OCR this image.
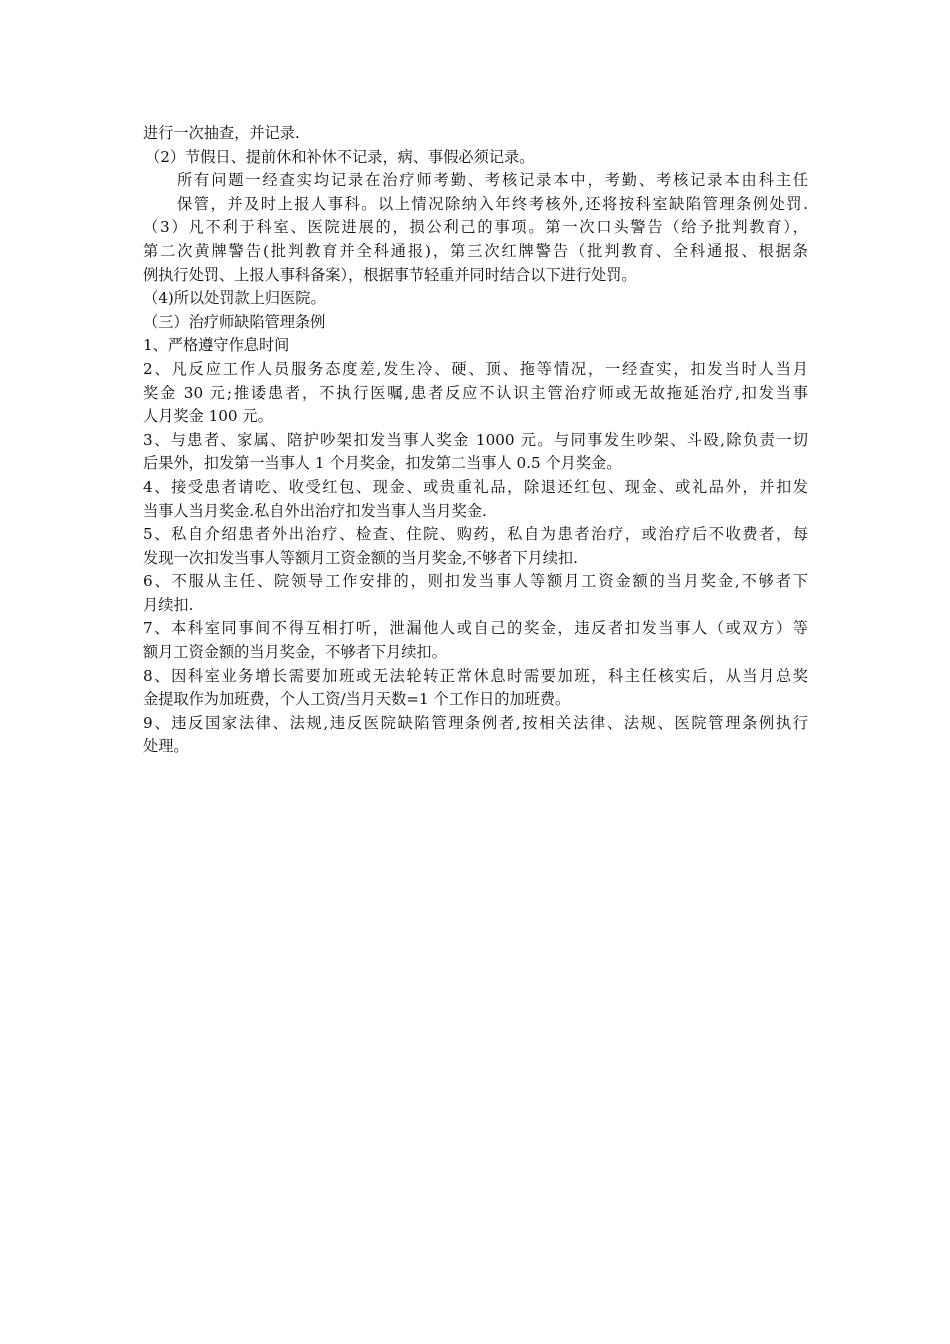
进行一次抽查，并记录.
（2）节假日、提前休和补休不记录，病、事假必须记录。
所有问题一经查实均记录在治疗师考勤、考核记录本中，考勤、考核记录本由科主任
保管，并及时上报人事科。以上情况除纳入年终考核外,还将按科室缺陷管理条例处罚.
（3）凡不利于科室、医院进展的，损公利己的事项。第一次口头警告（给予批判教育），
第二次黄牌警告(批判教育并全科通报)，第三次红牌警告（批判教育、全科通报、根据条
例执行处罚、上报人事科备案），根据事节轻重并同时结合以下进行处罚。
（4)所以处罚款上归医院。
（三）治疗师缺陷管理条例
1、严格遵守作息时间
2、凡反应工作人员服务态度差,发生冷、硬、顶、拖等情况，一经查实，扣发当时人当月
奖金 30 元;推诿患者，不执行医嘱,患者反应不认识主管治疗师或无故拖延治疗,扣发当事
人月奖金 100 元。
3、与患者、家属、陪护吵架扣发当事人奖金 1000 元。与同事发生吵架、斗殴,除负责一切
后果外，扣发第一当事人 1 个月奖金，扣发第二当事人 0.5 个月奖金。
4、接受患者请吃、收受红包、现金、或贵重礼品，除退还红包、现金、或礼品外，并扣发
当事人当月奖金.私自外出治疗扣发当事人当月奖金.
5、私自介绍患者外出治疗、检查、住院、购药，私自为患者治疗，或治疗后不收费者，每
发现一次扣发当事人等额月工资金额的当月奖金,不够者下月续扣.
6、不服从主任、院领导工作安排的，则扣发当事人等额月工资金额的当月奖金,不够者下
月续扣.
7、本科室同事间不得互相打听，泄漏他人或自己的奖金，违反者扣发当事人（或双方）等
额月工资金额的当月奖金，不够者下月续扣。
8、因科室业务增长需要加班或无法轮转正常休息时需要加班，科主任核实后，从当月总奖
金提取作为加班费，个人工资/当月天数=1 个工作日的加班费。
9、违反国家法律、法规,违反医院缺陷管理条例者,按相关法律、法规、医院管理条例执行
处理。
